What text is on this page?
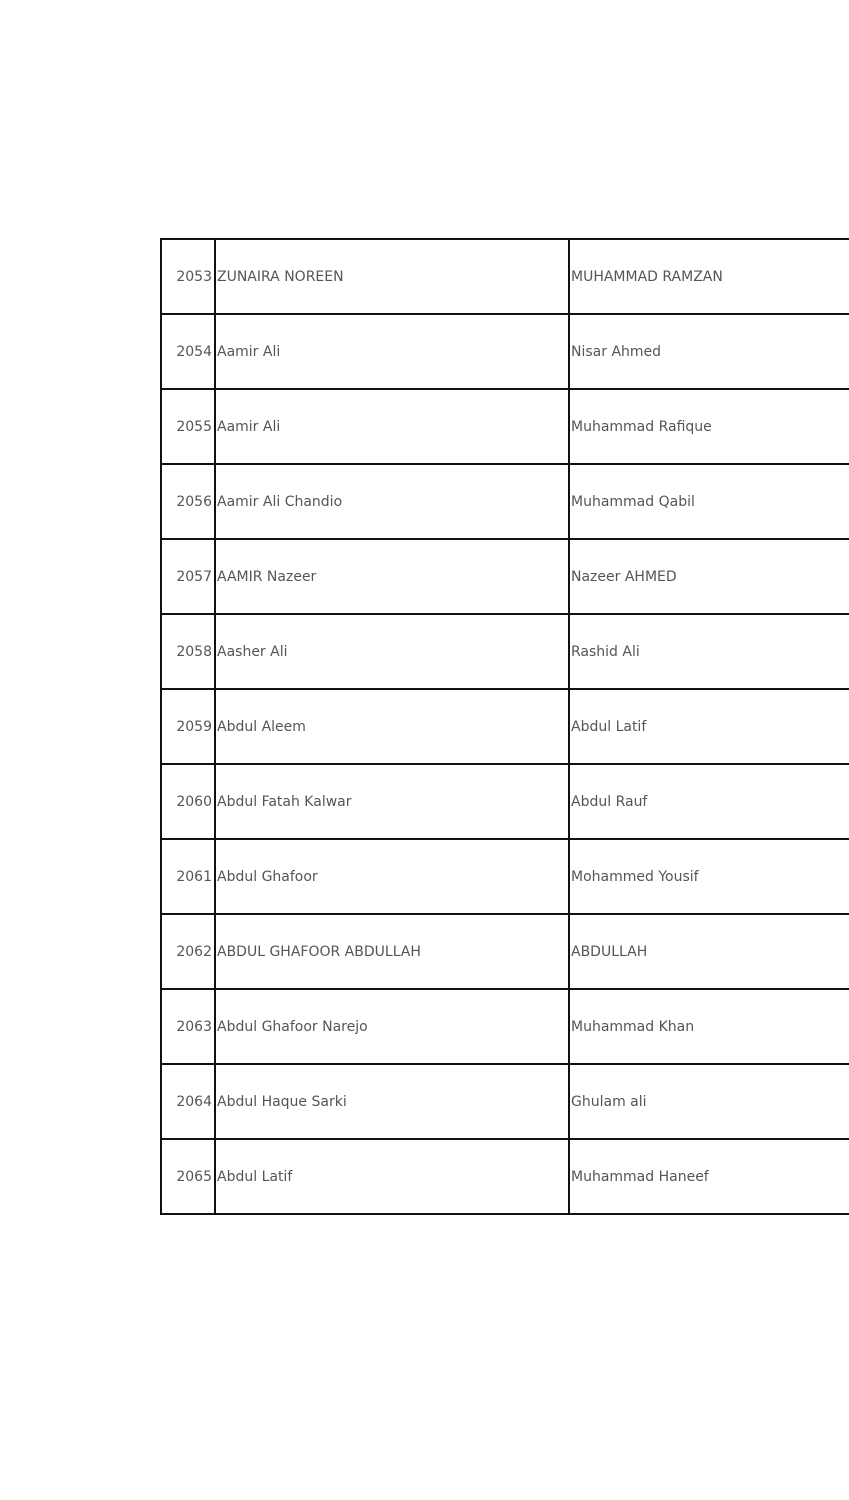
2053	ZUNAIRA NOREEN	MUHAMMAD RAMZAN
2054	Aamir Ali	Nisar Ahmed
2055	Aamir Ali	Muhammad Rafique
2056	Aamir Ali Chandio	Muhammad Qabil
2057	AAMIR Nazeer	Nazeer AHMED
2058	Aasher Ali	Rashid Ali
2059	Abdul Aleem	Abdul Latif
2060	Abdul Fatah Kalwar	Abdul Rauf
2061	Abdul Ghafoor	Mohammed Yousif
2062	ABDUL GHAFOOR ABDULLAH	ABDULLAH
2063	Abdul Ghafoor Narejo	Muhammad Khan
2064	Abdul Haque Sarki	Ghulam ali
2065	Abdul Latif	Muhammad Haneef
